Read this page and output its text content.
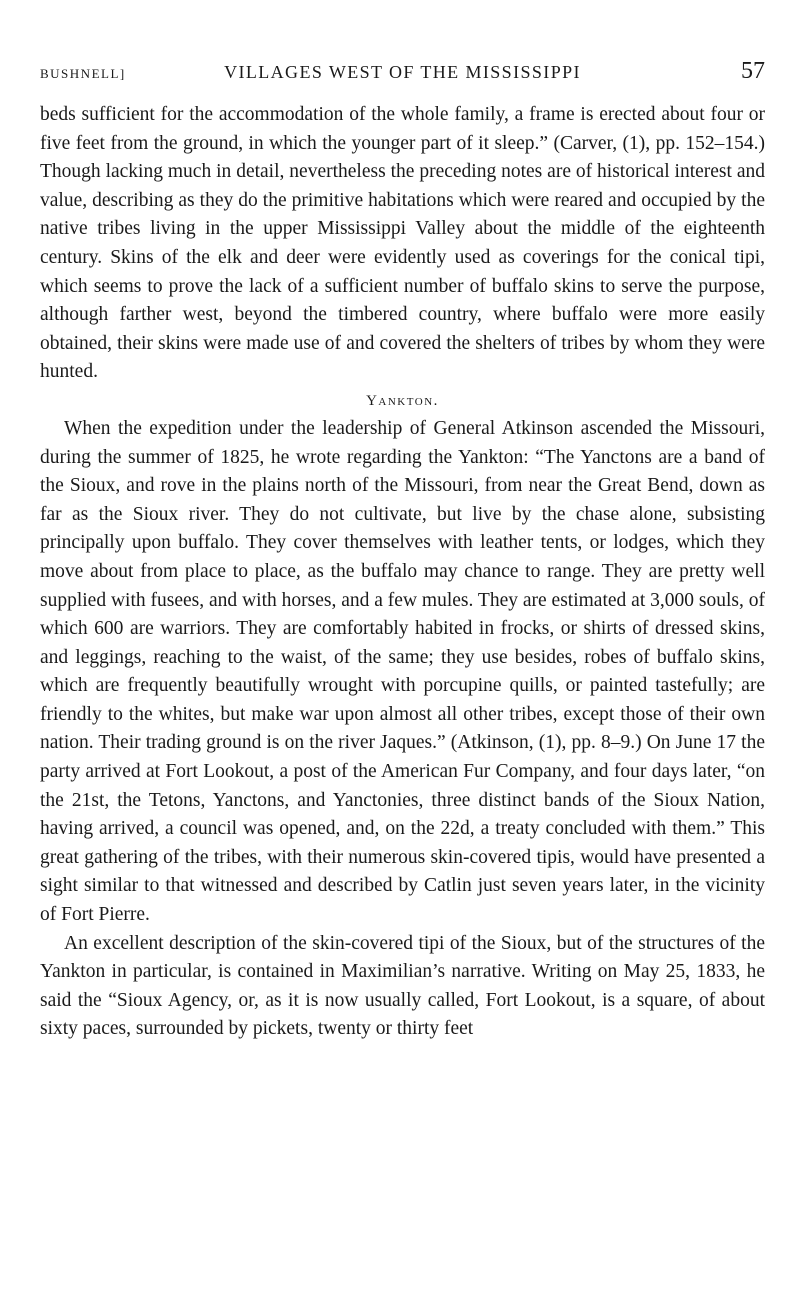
BUSHNELL]	VILLAGES WEST OF THE MISSISSIPPI	57

beds sufficient for the accommodation of the whole family, a frame is erected about four or five feet from the ground, in which the younger part of it sleep.” (Carver, (1), pp. 152–154.) Though lacking much in detail, nevertheless the preceding notes are of historical interest and value, describing as they do the primitive habitations which were reared and occupied by the native tribes living in the upper Mississippi Valley about the middle of the eighteenth century. Skins of the elk and deer were evidently used as coverings for the conical tipi, which seems to prove the lack of a sufficient number of buffalo skins to serve the purpose, although farther west, beyond the timbered country, where buffalo were more easily obtained, their skins were made use of and covered the shelters of tribes by whom they were hunted.

Yankton.

When the expedition under the leadership of General Atkinson ascended the Missouri, during the summer of 1825, he wrote regarding the Yankton: “The Yanctons are a band of the Sioux, and rove in the plains north of the Missouri, from near the Great Bend, down as far as the Sioux river. They do not cultivate, but live by the chase alone, subsisting principally upon buffalo. They cover themselves with leather tents, or lodges, which they move about from place to place, as the buffalo may chance to range. They are pretty well supplied with fusees, and with horses, and a few mules. They are estimated at 3,000 souls, of which 600 are warriors. They are comfortably habited in frocks, or shirts of dressed skins, and leggings, reaching to the waist, of the same; they use besides, robes of buffalo skins, which are frequently beautifully wrought with porcupine quills, or painted tastefully; are friendly to the whites, but make war upon almost all other tribes, except those of their own nation. Their trading ground is on the river Jaques.” (Atkinson, (1), pp. 8–9.) On June 17 the party arrived at Fort Lookout, a post of the American Fur Company, and four days later, “on the 21st, the Tetons, Yanctons, and Yanctonies, three distinct bands of the Sioux Nation, having arrived, a council was opened, and, on the 22d, a treaty concluded with them.” This great gathering of the tribes, with their numerous skin-covered tipis, would have presented a sight similar to that witnessed and described by Catlin just seven years later, in the vicinity of Fort Pierre.

An excellent description of the skin-covered tipi of the Sioux, but of the structures of the Yankton in particular, is contained in Maximilian’s narrative. Writing on May 25, 1833, he said the “Sioux Agency, or, as it is now usually called, Fort Lookout, is a square, of about sixty paces, surrounded by pickets, twenty or thirty feet
